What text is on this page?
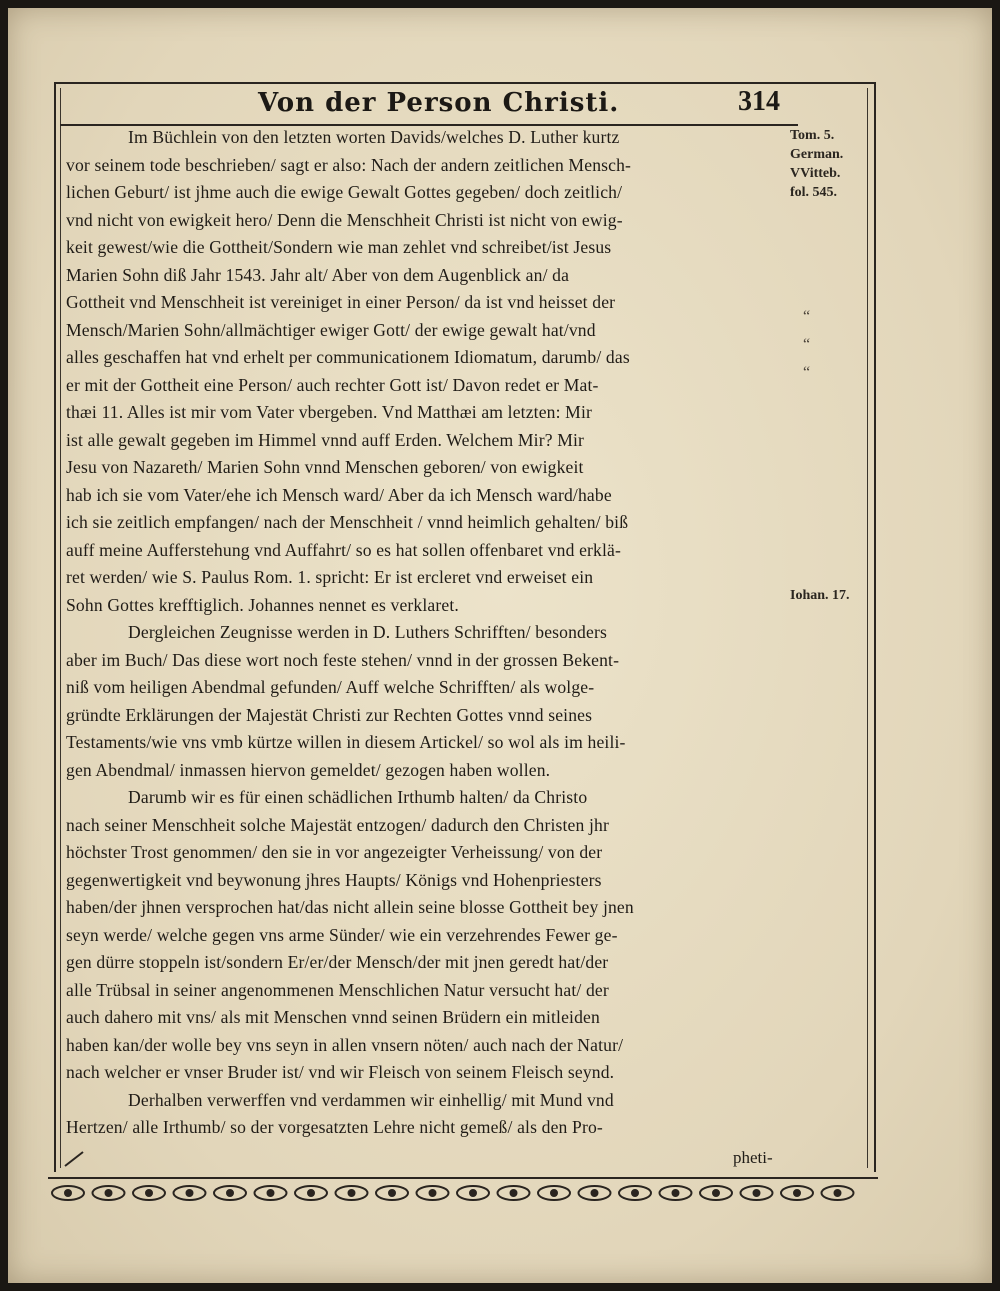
Von der Person Christi.	314
Im Büchlein von den letzten worten Davids/welches D. Luther kurtz
vor seinem tode beschrieben/ sagt er also: Nach der andern zeitlichen Mensch-
lichen Geburt/ ist jhme auch die ewige Gewalt Gottes gegeben/ doch zeitlich/
vnd nicht von ewigkeit hero/ Denn die Menschheit Christi ist nicht von ewig-
keit gewest/wie die Gottheit/Sondern wie man zehlet vnd schreibet/ist Jesus
Marien Sohn diß Jahr 1543. Jahr alt/ Aber von dem Augenblick an/ da
Gottheit vnd Menschheit ist vereiniget in einer Person/ da ist vnd heisset der
Mensch/Marien Sohn/allmächtiger ewiger Gott/ der ewige gewalt hat/vnd
alles geschaffen hat vnd erhelt per communicationem Idiomatum, darumb/ das
er mit der Gottheit eine Person/ auch rechter Gott ist/ Davon redet er Mat-
thæi 11. Alles ist mir vom Vater vbergeben. Vnd Matthæi am letzten: Mir
ist alle gewalt gegeben im Himmel vnnd auff Erden. Welchem Mir? Mir
Jesu von Nazareth/ Marien Sohn vnnd Menschen geboren/ von ewigkeit
hab ich sie vom Vater/ehe ich Mensch ward/ Aber da ich Mensch ward/habe
ich sie zeitlich empfangen/ nach der Menschheit / vnnd heimlich gehalten/ biß
auff meine Aufferstehung vnd Auffahrt/ so es hat sollen offenbaret vnd erklä-
ret werden/ wie S. Paulus Rom. 1. spricht: Er ist ercleret vnd erweiset ein
Sohn Gottes krefftiglich. Johannes nennet es verklaret.
Dergleichen Zeugnisse werden in D. Luthers Schrifften/ besonders
aber im Buch/ Das diese wort noch feste stehen/ vnnd in der grossen Bekent-
niß vom heiligen Abendmal gefunden/ Auff welche Schrifften/ als wolge-
gründte Erklärungen der Majestät Christi zur Rechten Gottes vnnd seines
Testaments/wie vns vmb kürtze willen in diesem Artickel/ so wol als im heili-
gen Abendmal/ inmassen hiervon gemeldet/ gezogen haben wollen.
Darumb wir es für einen schädlichen Irthumb halten/ da Christo
nach seiner Menschheit solche Majestät entzogen/ dadurch den Christen jhr
höchster Trost genommen/ den sie in vor angezeigter Verheissung/ von der
gegenwertigkeit vnd beywonung jhres Haupts/ Königs vnd Hohenpriesters
haben/der jhnen versprochen hat/das nicht allein seine blosse Gottheit bey jnen
seyn werde/ welche gegen vns arme Sünder/ wie ein verzehrendes Fewer ge-
gen dürre stoppeln ist/sondern Er/er/der Mensch/der mit jnen geredt hat/der
alle Trübsal in seiner angenommenen Menschlichen Natur versucht hat/ der
auch dahero mit vns/ als mit Menschen vnnd seinen Brüdern ein mitleiden
haben kan/der wolle bey vns seyn in allen vnsern nöten/ auch nach der Natur/
nach welcher er vnser Bruder ist/ vnd wir Fleisch von seinem Fleisch seynd.
Derhalben verwerffen vnd verdammen wir einhellig/ mit Mund vnd
Hertzen/ alle Irthumb/ so der vorgesatzten Lehre nicht gemeß/ als den Pro-
Tom. 5.
German.
VVitteb.
fol. 545.
“
“
“
Iohan. 17.
pheti-
